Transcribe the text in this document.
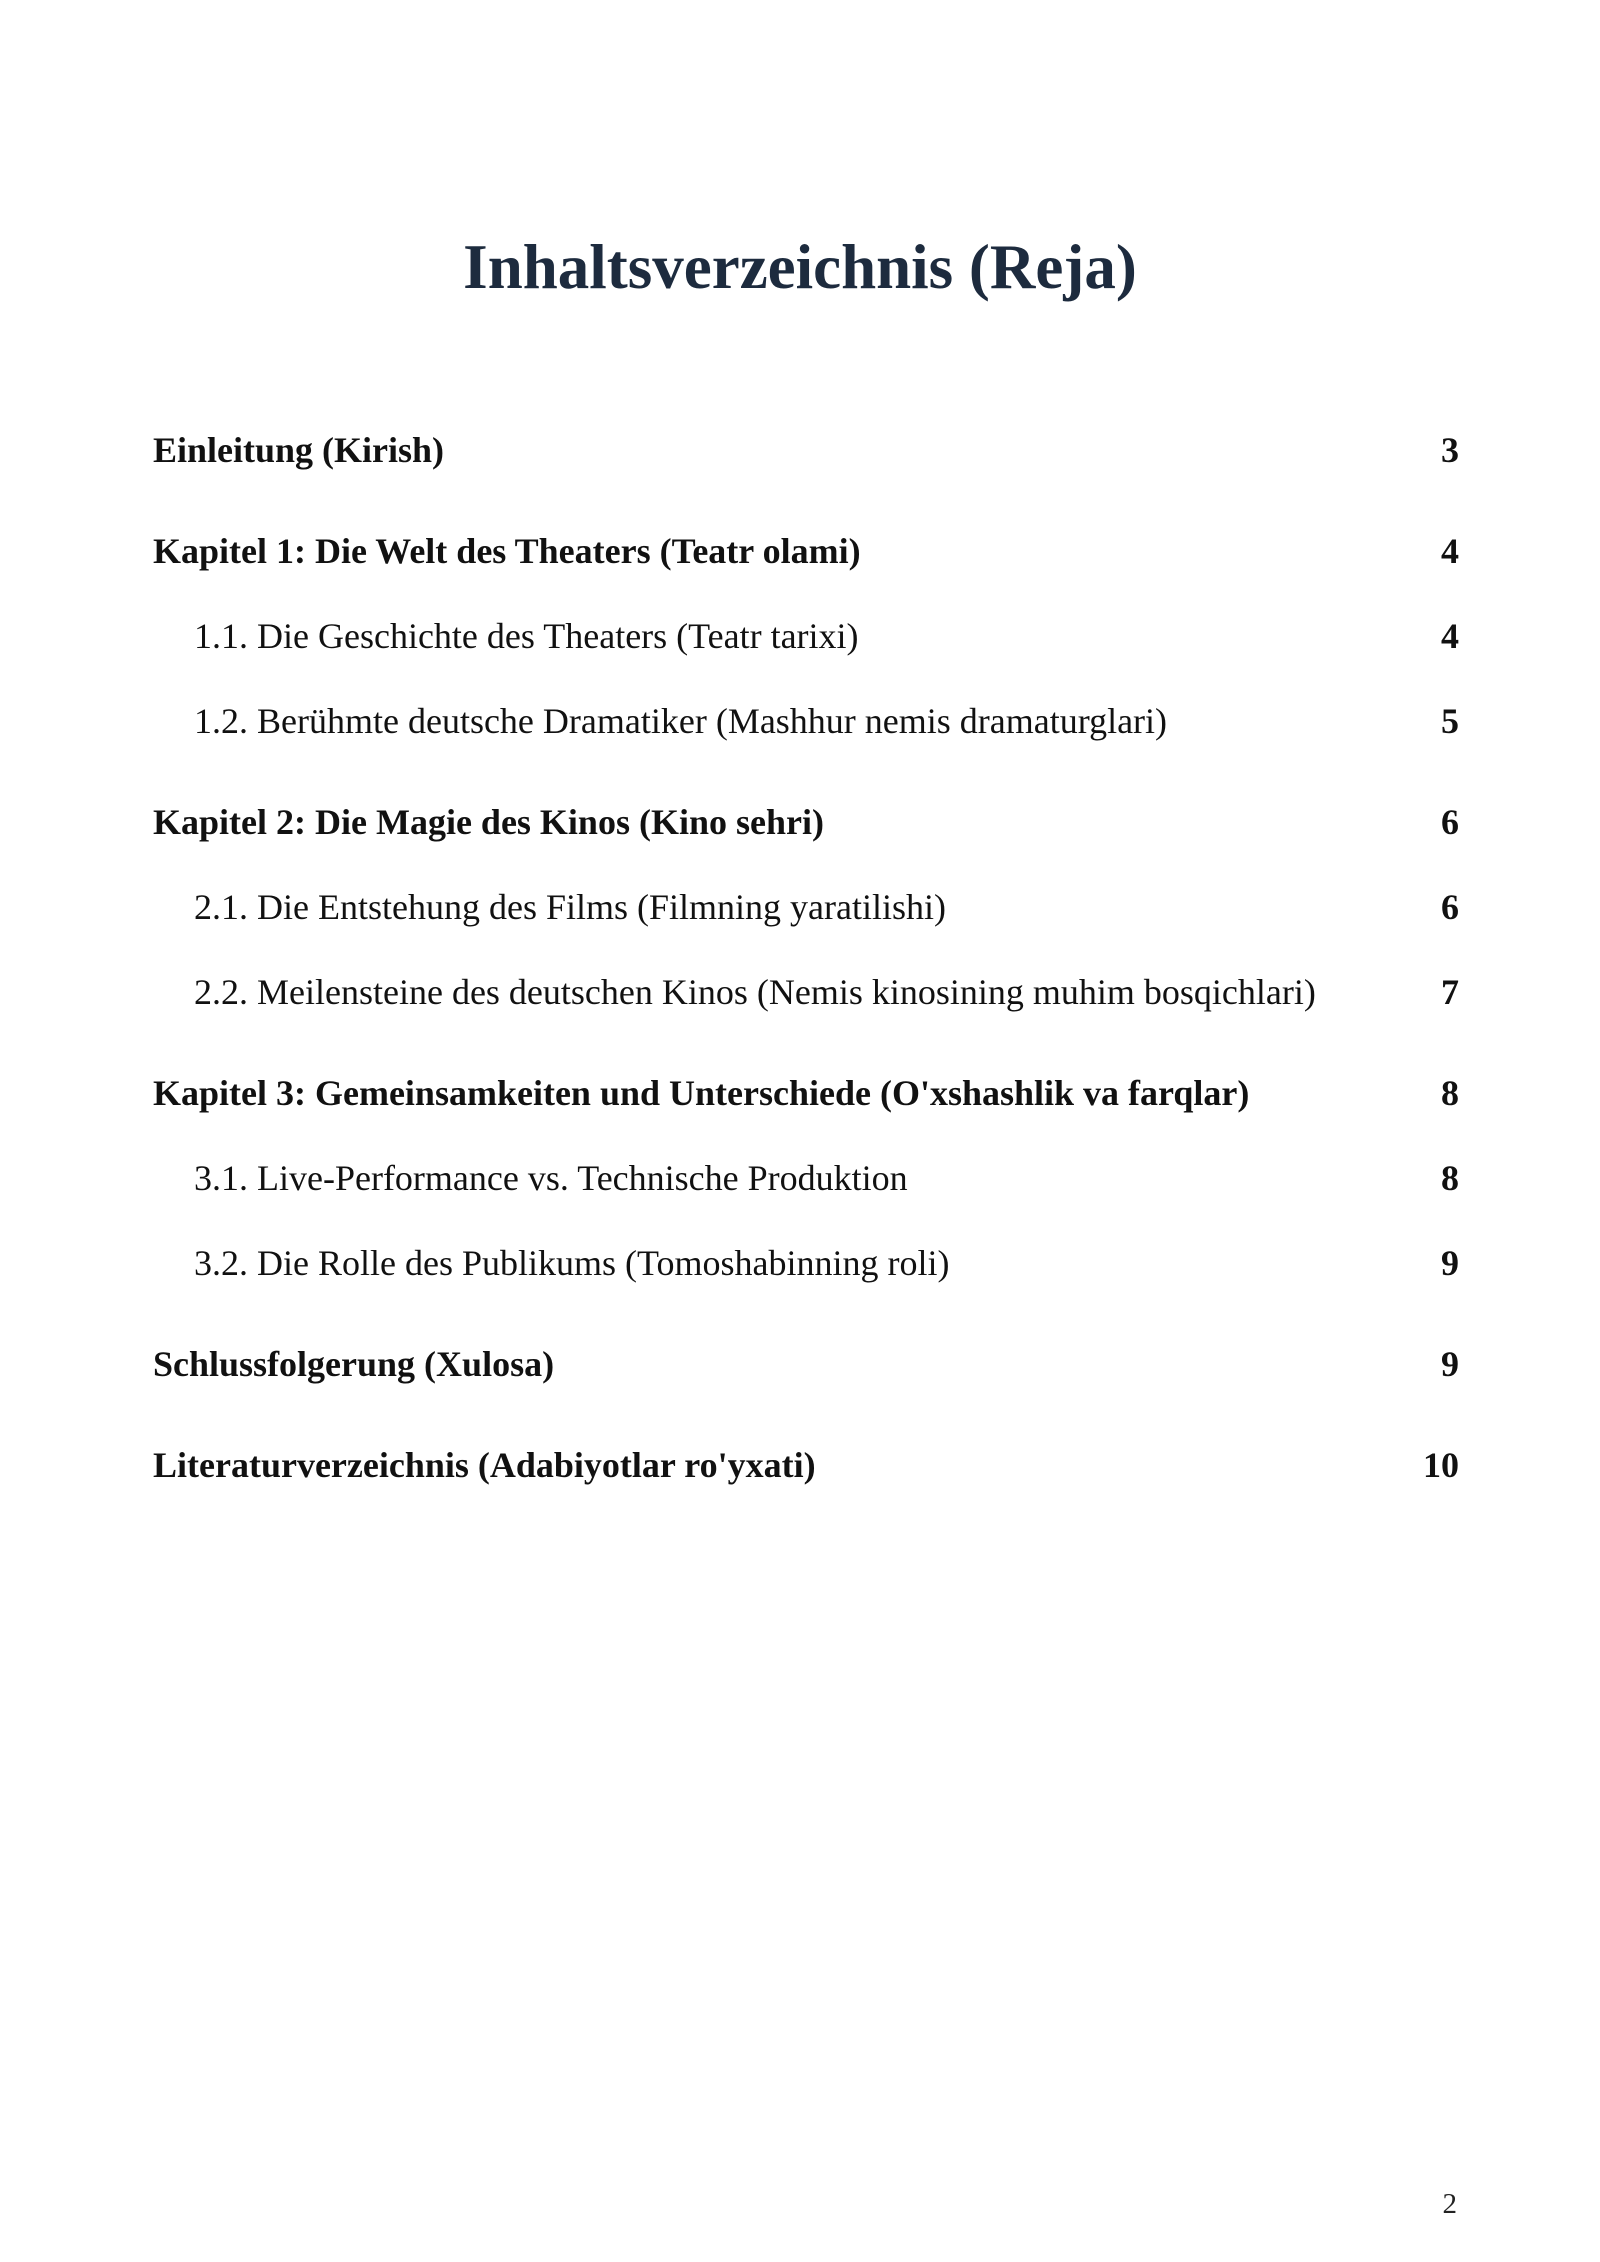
Inhaltsverzeichnis (Reja)
Einleitung (Kirish)	3
Kapitel 1: Die Welt des Theaters (Teatr olami)	4
1.1. Die Geschichte des Theaters (Teatr tarixi)	4
1.2. Berühmte deutsche Dramatiker (Mashhur nemis dramaturglari)	5
Kapitel 2: Die Magie des Kinos (Kino sehri)	6
2.1. Die Entstehung des Films (Filmning yaratilishi)	6
2.2. Meilensteine des deutschen Kinos (Nemis kinosining muhim bosqichlari)	7
Kapitel 3: Gemeinsamkeiten und Unterschiede (O'xshashlik va farqlar)	8
3.1. Live-Performance vs. Technische Produktion	8
3.2. Die Rolle des Publikums (Tomoshabinning roli)	9
Schlussfolgerung (Xulosa)	9
Literaturverzeichnis (Adabiyotlar ro'yxati)	10
2
